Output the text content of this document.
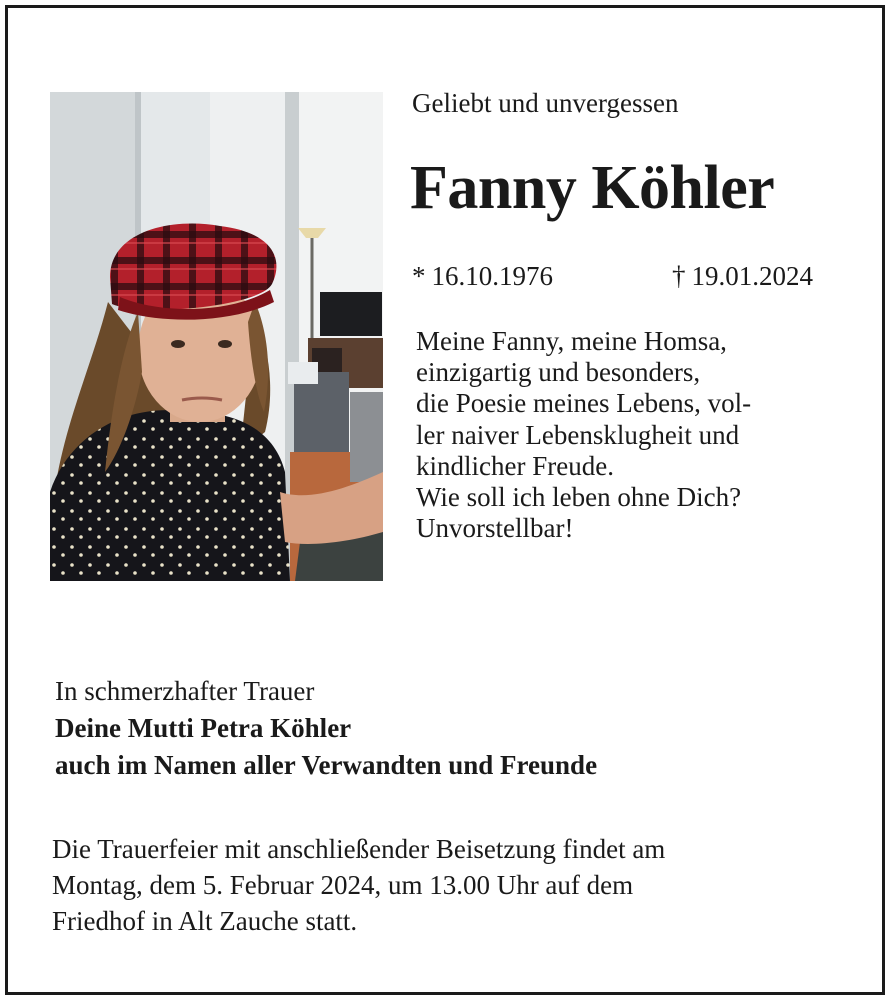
Geliebt und unvergessen
Fanny Köhler
* 16.10.1976	† 19.01.2024
Meine Fanny, meine Homsa,
einzigartig und besonders,
die Poesie meines Lebens, vol-
ler naiver Lebensklugheit und
kindlicher Freude.
Wie soll ich leben ohne Dich?
Unvorstellbar!
In schmerzhafter Trauer
Deine Mutti Petra Köhler
auch im Namen aller Verwandten und Freunde
Die Trauerfeier mit anschließender Beisetzung findet am
Montag, dem 5. Februar 2024, um 13.00 Uhr auf dem
Friedhof in Alt Zauche statt.
